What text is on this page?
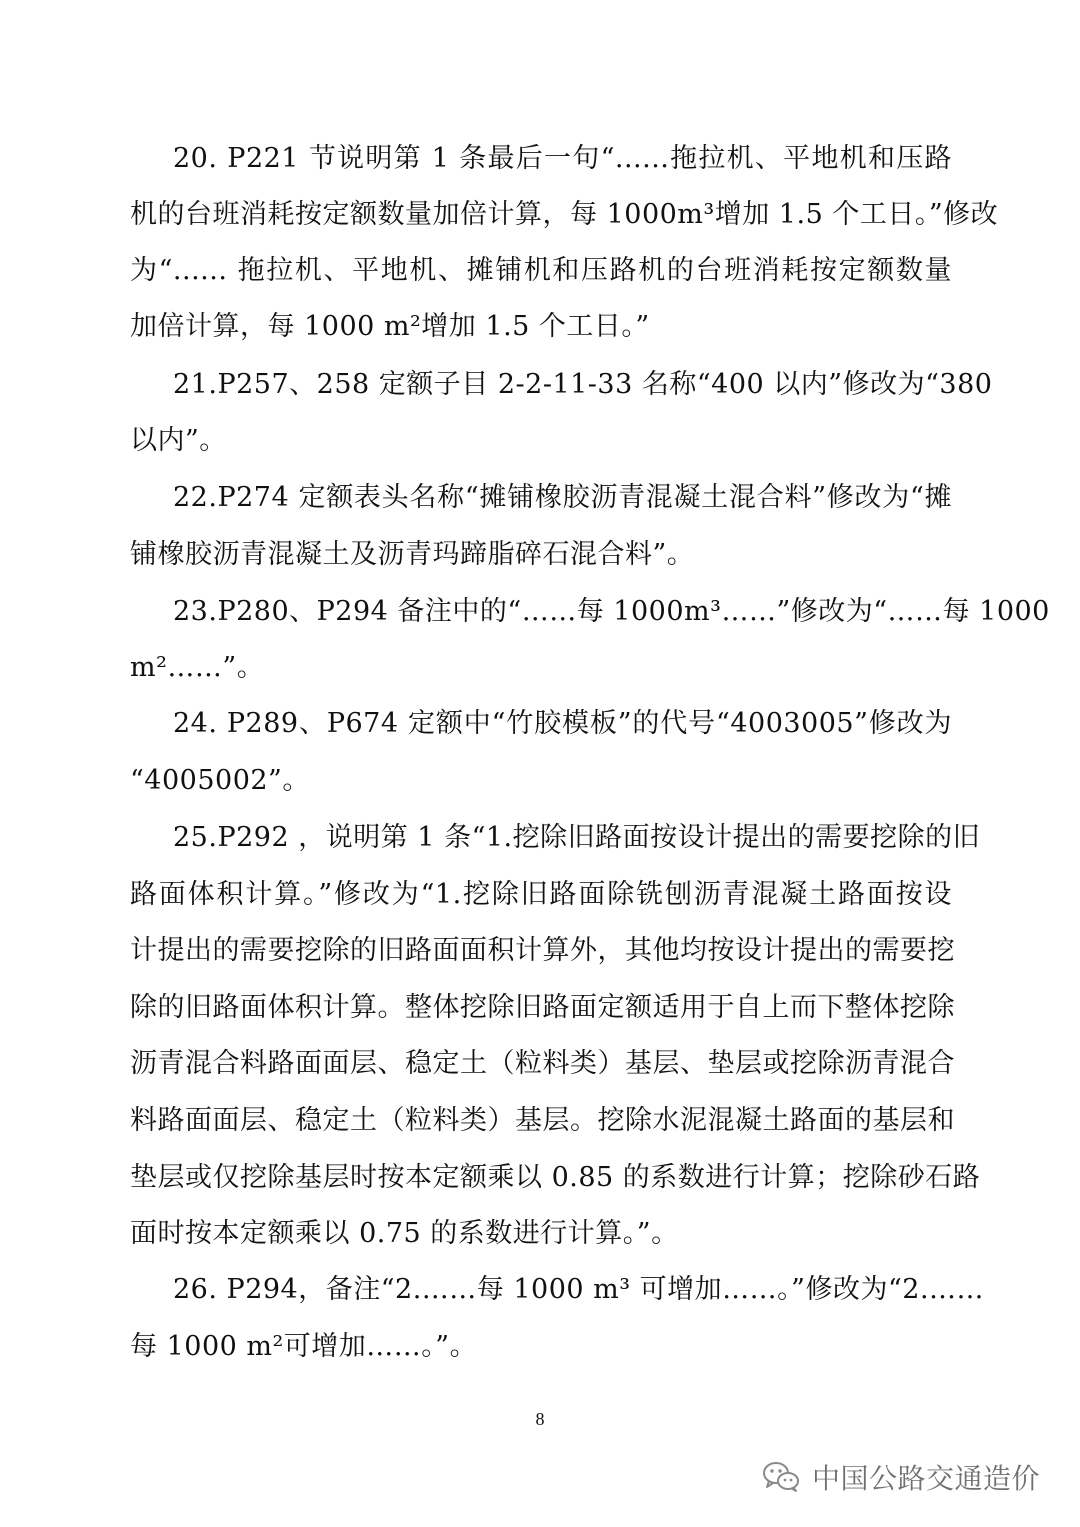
20. P221 节说明第 1 条最后一句“......拖拉机、平地机和压路
机的台班消耗按定额数量加倍计算，每 1000m³增加 1.5 个工日。”修改
为“...... 拖拉机、平地机、摊铺机和压路机的台班消耗按定额数量
加倍计算，每 1000 m²增加 1.5 个工日。”
21.P257、258 定额子目 2-2-11-33 名称“400 以内”修改为“380
以内”。
22.P274 定额表头名称“摊铺橡胶沥青混凝土混合料”修改为“摊
铺橡胶沥青混凝土及沥青玛蹄脂碎石混合料”。
23.P280、P294 备注中的“……每 1000m³……”修改为“……每 1000
m²……”。
24. P289、P674 定额中“竹胶模板”的代号“4003005”修改为
“4005002”。
25.P292 ，说明第 1 条“1.挖除旧路面按设计提出的需要挖除的旧
路面体积计算。”修改为“1.挖除旧路面除铣刨沥青混凝土路面按设
计提出的需要挖除的旧路面面积计算外，其他均按设计提出的需要挖
除的旧路面体积计算。整体挖除旧路面定额适用于自上而下整体挖除
沥青混合料路面面层、稳定土（粒料类）基层、垫层或挖除沥青混合
料路面面层、稳定土（粒料类）基层。挖除水泥混凝土路面的基层和
垫层或仅挖除基层时按本定额乘以 0.85 的系数进行计算；挖除砂石路
面时按本定额乘以 0.75 的系数进行计算。”。
26. P294，备注“2.……每 1000 m³ 可增加……。”修改为“2.……
每 1000 m²可增加……。”。
8
中国公路交通造价
